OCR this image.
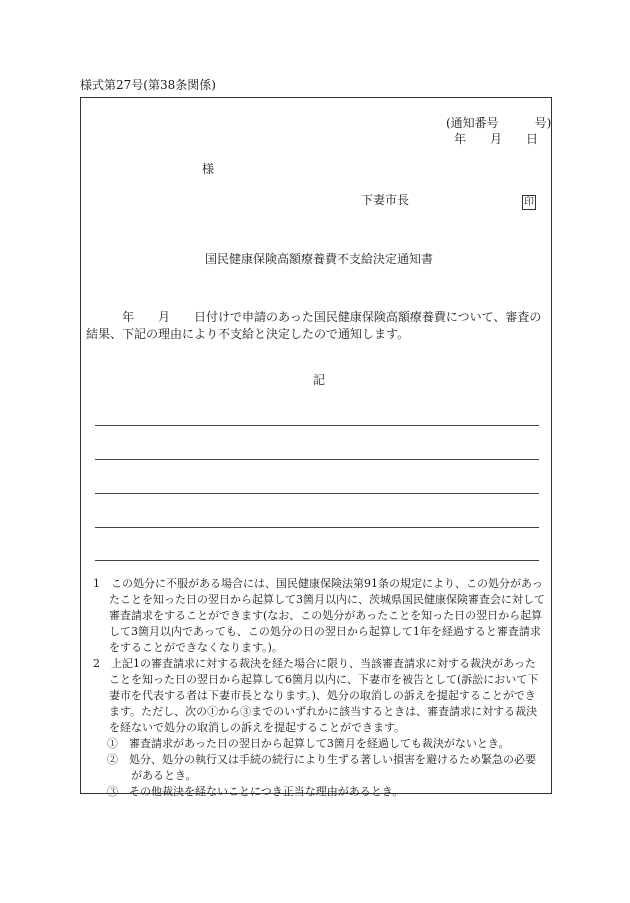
様式第27号(第38条関係)
(通知番号　　　号)
年　　月　　日
様
下妻市長	印
国民健康保険高額療養費不支給決定通知書
　　　年　　月　　日付けで申請のあった国民健康保険高額療養費について、審査の結果、下記の理由により不支給と決定したので通知します。
記
1　この処分に不服がある場合には、国民健康保険法第91条の規定により、この処分があったことを知った日の翌日から起算して3箇月以内に、茨城県国民健康保険審査会に対して審査請求をすることができます(なお、この処分があったことを知った日の翌日から起算して3箇月以内であっても、この処分の日の翌日から起算して1年を経過すると審査請求をすることができなくなります。)。
2　上記1の審査請求に対する裁決を経た場合に限り、当該審査請求に対する裁決があったことを知った日の翌日から起算して6箇月以内に、下妻市を被告として(訴訟において下妻市を代表する者は下妻市長となります。)、処分の取消しの訴えを提起することができます。ただし、次の①から③までのいずれかに該当するときは、審査請求に対する裁決を経ないで処分の取消しの訴えを提起することができます。
①　審査請求があった日の翌日から起算して3箇月を経過しても裁決がないとき。
②　処分、処分の執行又は手続の続行により生ずる著しい損害を避けるため緊急の必要があるとき。
③　その他裁決を経ないことにつき正当な理由があるとき。
